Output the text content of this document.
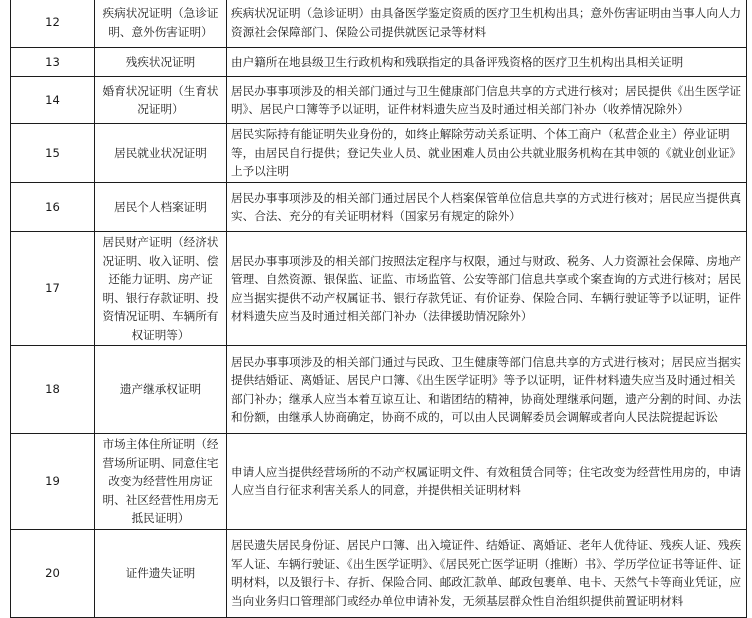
12	疾病状况证明（急诊证明、意外伤害证明）	疾病状况证明（急诊证明）由具备医学鉴定资质的医疗卫生机构出具；意外伤害证明由当事人向人力资源社会保障部门、保险公司提供就医记录等材料
13	残疾状况证明	由户籍所在地县级卫生行政机构和残联指定的具备评残资格的医疗卫生机构出具相关证明
14	婚育状况证明（生育状况证明）	居民办事事项涉及的相关部门通过与卫生健康部门信息共享的方式进行核对；居民提供《出生医学证明》、居民户口簿等予以证明，证件材料遗失应当及时通过相关部门补办（收养情况除外）
15	居民就业状况证明	居民实际持有能证明失业身份的，如终止解除劳动关系证明、个体工商户（私营企业主）停业证明等，由居民自行提供；登记失业人员、就业困难人员由公共就业服务机构在其申领的《就业创业证》上予以注明
16	居民个人档案证明	居民办事事项涉及的相关部门通过居民个人档案保管单位信息共享的方式进行核对；居民应当提供真实、合法、充分的有关证明材料（国家另有规定的除外）
17	居民财产证明（经济状况证明、收入证明、偿还能力证明、房产证明、银行存款证明、投资情况证明、车辆所有权证明等）	居民办事事项涉及的相关部门按照法定程序与权限，通过与财政、税务、人力资源社会保障、房地产管理、自然资源、银保监、证监、市场监管、公安等部门信息共享或个案查询的方式进行核对；居民应当据实提供不动产权属证书、银行存款凭证、有价证券、保险合同、车辆行驶证等予以证明，证件材料遗失应当及时通过相关部门补办（法律援助情况除外）
18	遗产继承权证明	居民办事事项涉及的相关部门通过与民政、卫生健康等部门信息共享的方式进行核对；居民应当据实提供结婚证、离婚证、居民户口簿、《出生医学证明》等予以证明，证件材料遗失应当及时通过相关部门补办；继承人应当本着互谅互让、和谐团结的精神，协商处理继承问题，遗产分割的时间、办法和份额，由继承人协商确定，协商不成的，可以由人民调解委员会调解或者向人民法院提起诉讼
19	市场主体住所证明（经营场所证明、同意住宅改变为经营性用房证明、社区经营性用房无抵民证明）	申请人应当提供经营场所的不动产权属证明文件、有效租赁合同等；住宅改变为经营性用房的，申请人应当自行征求利害关系人的同意，并提供相关证明材料
20	证件遗失证明	居民遗失居民身份证、居民户口簿、出入境证件、结婚证、离婚证、老年人优待证、残疾人证、残疾军人证、车辆行驶证、《出生医学证明》、《居民死亡医学证明（推断）书》、学历学位证书等证件、证明材料，以及银行卡、存折、保险合同、邮政汇款单、邮政包裹单、电卡、天然气卡等商业凭证，应当向业务归口管理部门或经办单位申请补发，无须基层群众性自治组织提供前置证明材料
